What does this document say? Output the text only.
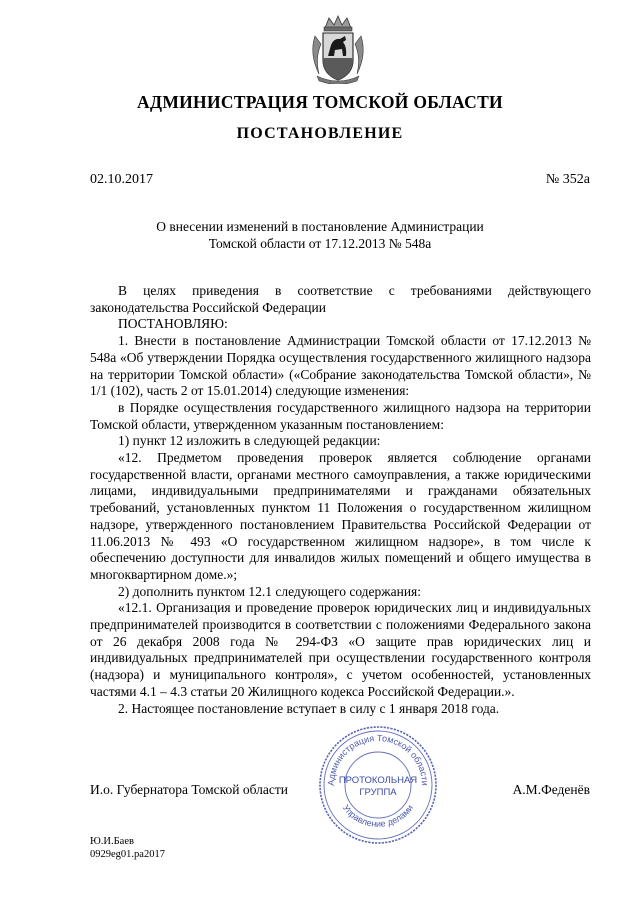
АДМИНИСТРАЦИЯ ТОМСКОЙ ОБЛАСТИ
ПОСТАНОВЛЕНИЕ
02.10.2017	№ 352а
О внесении изменений в постановление Администрации
Томской области от 17.12.2013 № 548а

В целях приведения в соответствие с требованиями действующего законодательства Российской Федерации

ПОСТАНОВЛЯЮ:

1. Внести в постановление Администрации Томской области от 17.12.2013 № 548а «Об утверждении Порядка осуществления государственного жилищного надзора на территории Томской области» («Собрание законодательства Томской области», № 1/1 (102), часть 2 от 15.01.2014) следующие изменения:

в Порядке осуществления государственного жилищного надзора на территории Томской области, утвержденном указанным постановлением:

1) пункт 12 изложить в следующей редакции:

«12. Предметом проведения проверок является соблюдение органами государственной власти, органами местного самоуправления, а также юридическими лицами, индивидуальными предпринимателями и гражданами обязательных требований, установленных пунктом 11 Положения о государственном жилищном надзоре, утвержденного постановлением Правительства Российской Федерации от 11.06.2013 № 493 «О государственном жилищном надзоре», в том числе к обеспечению доступности для инвалидов жилых помещений и общего имущества в многоквартирном доме.»;

2) дополнить пунктом 12.1 следующего содержания:

«12.1. Организация и проведение проверок юридических лиц и индивидуальных предпринимателей производится в соответствии с положениями Федерального закона от 26 декабря 2008 года № 294-ФЗ «О защите прав юридических лиц и индивидуальных предпринимателей при осуществлении государственного контроля (надзора) и муниципального контроля», с учетом особенностей, установленных частями 4.1 – 4.3 статьи 20 Жилищного кодекса Российской Федерации.».

2. Настоящее постановление вступает в силу с 1 января 2018 года.

И.о. Губернатора Томской области	А.М.Феденёв
Администрация Томской области
Управление делами
ПРОТОКОЛЬНАЯ
ГРУППА
Ю.И.Баев
0929eg01.pa2017
